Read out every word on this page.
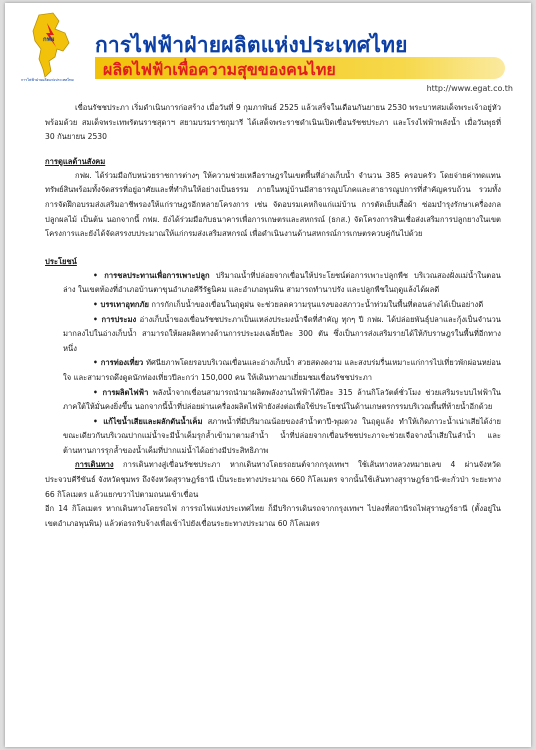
กฟผ
การไฟฟ้าฝ่ายผลิตแห่งประเทศไทย
การไฟฟ้าฝ่ายผลิตแห่งประเทศไทย
ผลิตไฟฟ้าเพื่อความสุขของคนไทย
http://www.egat.co.th

เขื่อนรัชชประภา เริ่มดำเนินการก่อสร้าง เมื่อวันที่ 9 กุมภาพันธ์ 2525 แล้วเสร็จในเดือนกันยายน 2530 พระบาทสมเด็จพระเจ้าอยู่หัวพร้อมด้วย สมเด็จพระเทพรัตนราชสุดาฯ สยามบรมราชกุมารี ได้เสด็จพระราชดำเนินเปิดเขื่อนรัชชประภา และโรงไฟฟ้าพลังน้ำ เมื่อวันพุธที่ 30 กันยายน 2530

การดูแลด้านสังคม

กฟผ. ได้ร่วมมือกับหน่วยราชการต่างๆ ให้ความช่วยเหลือราษฎรในเขตพื้นที่อ่างเก็บน้ำ จำนวน 385 ครอบครัว โดยจ่ายค่าทดแทนทรัพย์สินพร้อมทั้งจัดสรรที่อยู่อาศัยและที่ทำกินให้อย่างเป็นธรรม ภายในหมู่บ้านมีสาธารณูปโภคและสาธารณูปการที่สำคัญครบถ้วน รวมทั้งการจัดฝึกอบรมส่งเสริมอาชีพรองให้แก่ราษฎรอีกหลายโครงการ เช่น จัดอบรมเคหกิจแก่แม่บ้าน การตัดเย็บเสื้อผ้า ซ่อมบำรุงรักษาเครื่องกล ปลูกผลไม้ เป็นต้น นอกจากนี้ กฟผ. ยังได้ร่วมมือกับธนาคารเพื่อการเกษตรและสหกรณ์ (ธกส.) จัดโครงการสินเชื่อส่งเสริมการปลูกยางในเขตโครงการและยังได้จัดสรรงบประมาณให้แก่กรมส่งเสริมสหกรณ์ เพื่อดำเนินงานด้านสหกรณ์การเกษตรควบคู่กันไปด้วย

ประโยชน์

• การชลประทานเพื่อการเพาะปลูก ปริมาณน้ำที่ปล่อยจากเขื่อนให้ประโยชน์ต่อการเพาะปลูกพืช บริเวณสองฝั่งแม่น้ำในตอนล่าง ในเขตท้องที่อำเภอบ้านตาขุนอำเภอคีรีรัฐนิคม และอำเภอพุนพิน สามารถทำนาปรัง และปลูกพืชในฤดูแล้งได้ผลดี

• บรรเทาอุทกภัย การกักเก็บน้ำของเขื่อนในฤดูฝน จะช่วยลดความรุนแรงของสภาวะน้ำท่วมในพื้นที่ตอนล่างได้เป็นอย่างดี

• การประมง อ่างเก็บน้ำของเขื่อนรัชชประภาเป็นแหล่งประมงน้ำจืดที่สำคัญ ทุกๆ ปี กฟผ. ได้ปล่อยพันธุ์ปลาและกุ้งเป็นจำนวนมากลงไปในอ่างเก็บน้ำ สามารถให้ผลผลิตทางด้านการประมงเฉลี่ยปีละ 300 ตัน ซึ่งเป็นการส่งเสริมรายได้ให้กับราษฎรในพื้นที่อีกทางหนึ่ง

• การท่องเที่ยว ทัศนียภาพโดยรอบบริเวณเขื่อนและอ่างเก็บน้ำ สวยสดงดงาม และสงบร่มรื่นเหมาะแก่การไปเที่ยวพักผ่อนหย่อนใจ และสามารถดึงดูดนักท่องเที่ยวปีละกว่า 150,000 คน ให้เดินทางมาเยี่ยมชมเขื่อนรัชชประภา

• การผลิตไฟฟ้า พลังน้ำจากเขื่อนสามารถนำมาผลิตพลังงานไฟฟ้าได้ปีละ 315 ล้านกิโลวัตต์ชั่วโมง ช่วยเสริมระบบไฟฟ้าในภาคใต้ให้มั่นคงยิ่งขึ้น นอกจากนี้น้ำที่ปล่อยผ่านเครื่องผลิตไฟฟ้ายังส่งต่อเพื่อใช้ประโยชน์ในด้านเกษตรกรรมบริเวณพื้นที่ท้ายน้ำอีกด้วย

• แก้ไขน้ำเสียและผลักดันน้ำเค็ม สภาพน้ำที่มีปริมาณน้อยของลำน้ำตาปี-พุมดวง ในฤดูแล้ง ทำให้เกิดภาวะน้ำเน่าเสียได้ง่าย ขณะเดียวกันบริเวณปากแม่น้ำจะมีน้ำเค็มรุกล้ำเข้ามาตามลำน้ำ น้ำที่ปล่อยจากเขื่อนรัชชประภาจะช่วยเจือจางน้ำเสียในลำน้ำ และต้านทานการรุกล้ำของน้ำเค็มที่ปากแม่น้ำได้อย่างมีประสิทธิภาพ

การเดินทาง การเดินทางสู่เขื่อนรัชชประภา หากเดินทางโดยรถยนต์จากกรุงเทพฯ ใช้เส้นทางหลวงหมายเลข 4 ผ่านจังหวัดประจวบคีรีขันธ์ จังหวัดชุมพร ถึงจังหวัดสุราษฎร์ธานี เป็นระยะทางประมาณ 660 กิโลเมตร จากนั้นใช้เส้นทางสุราษฎร์ธานี-ตะกั่วป่า ระยะทาง 66 กิโลเมตร แล้วแยกขวาไปตามถนนเข้าเขื่อน

อีก 14 กิโลเมตร หากเดินทางโดยรถไฟ การรถไฟแห่งประเทศไทย ก็มีบริการเดินรถจากกรุงเทพฯ ไปลงที่สถานีรถไฟสุราษฎร์ธานี (ตั้งอยู่ในเขตอำเภอพุนพิน) แล้วต่อรถรับจ้างเพื่อเข้าไปยังเขื่อนระยะทางประมาณ 60 กิโลเมตร
